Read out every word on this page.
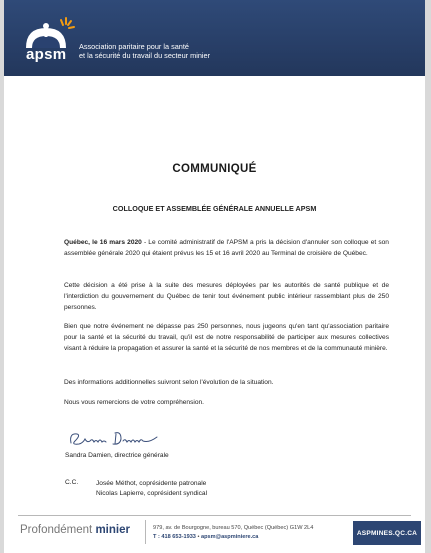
apsm Association paritaire pour la santé
et la sécurité du travail du secteur minier
COMMUNIQUÉ
COLLOQUE ET ASSEMBLÉE GÉNÉRALE ANNUELLE APSM
Québec, le 16 mars 2020 - Le comité administratif de l'APSM a pris la décision d'annuler son colloque et son assemblée générale 2020 qui étaient prévus les 15 et 16 avril 2020 au Terminal de croisière de Québec.
Cette décision a été prise à la suite des mesures déployées par les autorités de santé publique et de l'interdiction du gouvernement du Québec de tenir tout événement public intérieur rassemblant plus de 250 personnes.
Bien que notre événement ne dépasse pas 250 personnes, nous jugeons qu'en tant qu'association paritaire pour la santé et la sécurité du travail, qu'il est de notre responsabilité de participer aux mesures collectives visant à réduire la propagation et assurer la santé et la sécurité de nos membres et de la communauté minière.
Des informations additionnelles suivront selon l'évolution de la situation.
Nous vous remercions de votre compréhension.
Sandra Damien, directrice générale
C.C.	Josée Méthot, coprésidente patronale
Nicolas Lapierre, coprésident syndical
Profondément minier	979, av. de Bourgogne, bureau 570, Québec (Québec) G1W 2L4
T : 418 653-1933 • apsm@aspminiere.ca
ASPMINES.QC.CA
